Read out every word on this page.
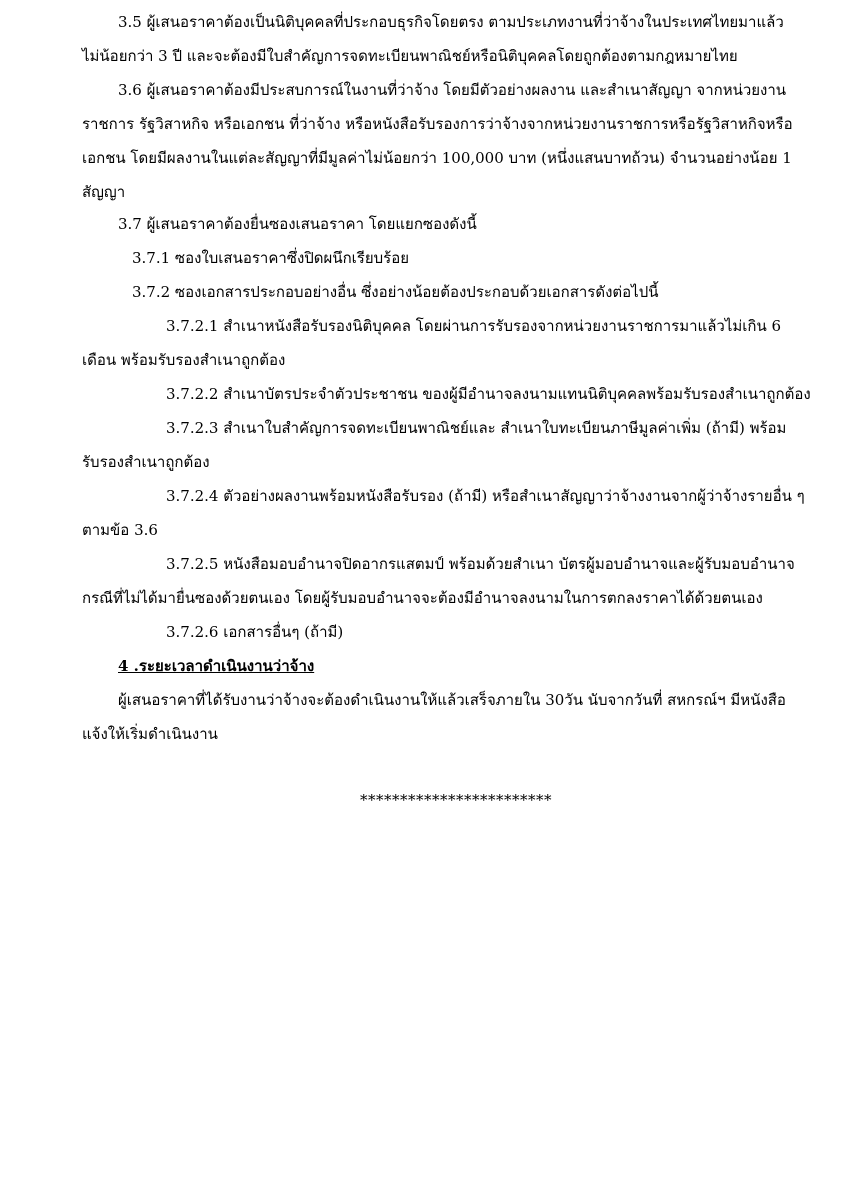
3.5 ผู้เสนอราคาต้องเป็นนิติบุคคลที่ประกอบธุรกิจโดยตรง ตามประเภทงานที่ว่าจ้างในประเทศไทยมาแล้ว

ไม่น้อยกว่า 3 ปี และจะต้องมีใบสำคัญการจดทะเบียนพาณิชย์หรือนิติบุคคลโดยถูกต้องตามกฎหมายไทย

3.6 ผู้เสนอราคาต้องมีประสบการณ์ในงานที่ว่าจ้าง โดยมีตัวอย่างผลงาน และสำเนาสัญญา จากหน่วยงาน

ราชการ รัฐวิสาหกิจ หรือเอกชน ที่ว่าจ้าง หรือหนังสือรับรองการว่าจ้างจากหน่วยงานราชการหรือรัฐวิสาหกิจหรือ

เอกชน โดยมีผลงานในแต่ละสัญญาที่มีมูลค่าไม่น้อยกว่า 100,000 บาท (หนึ่งแสนบาทถ้วน) จำนวนอย่างน้อย 1

สัญญา

3.7 ผู้เสนอราคาต้องยื่นซองเสนอราคา โดยแยกซองดังนี้

3.7.1 ซองใบเสนอราคาซึ่งปิดผนึกเรียบร้อย

3.7.2 ซองเอกสารประกอบอย่างอื่น ซึ่งอย่างน้อยต้องประกอบด้วยเอกสารดังต่อไปนี้

3.7.2.1 สำเนาหนังสือรับรองนิติบุคคล โดยผ่านการรับรองจากหน่วยงานราชการมาแล้วไม่เกิน 6

เดือน พร้อมรับรองสำเนาถูกต้อง

3.7.2.2 สำเนาบัตรประจำตัวประชาชน ของผู้มีอำนาจลงนามแทนนิติบุคคลพร้อมรับรองสำเนาถูกต้อง

3.7.2.3 สำเนาใบสำคัญการจดทะเบียนพาณิชย์และ สำเนาใบทะเบียนภาษีมูลค่าเพิ่ม (ถ้ามี) พร้อม

รับรองสำเนาถูกต้อง

3.7.2.4 ตัวอย่างผลงานพร้อมหนังสือรับรอง (ถ้ามี) หรือสำเนาสัญญาว่าจ้างงานจากผู้ว่าจ้างรายอื่น ๆ

ตามข้อ 3.6

3.7.2.5 หนังสือมอบอำนาจปิดอากรแสตมป์ พร้อมด้วยสำเนา บัตรผู้มอบอำนาจและผู้รับมอบอำนาจ

กรณีที่ไม่ได้มายื่นซองด้วยตนเอง โดยผู้รับมอบอำนาจจะต้องมีอำนาจลงนามในการตกลงราคาได้ด้วยตนเอง

3.7.2.6 เอกสารอื่นๆ (ถ้ามี)

4 .ระยะเวลาดำเนินงานว่าจ้าง

ผู้เสนอราคาที่ได้รับงานว่าจ้างจะต้องดำเนินงานให้แล้วเสร็จภายใน 30วัน นับจากวันที่ สหกรณ์ฯ มีหนังสือ

แจ้งให้เริ่มดำเนินงาน

************************
